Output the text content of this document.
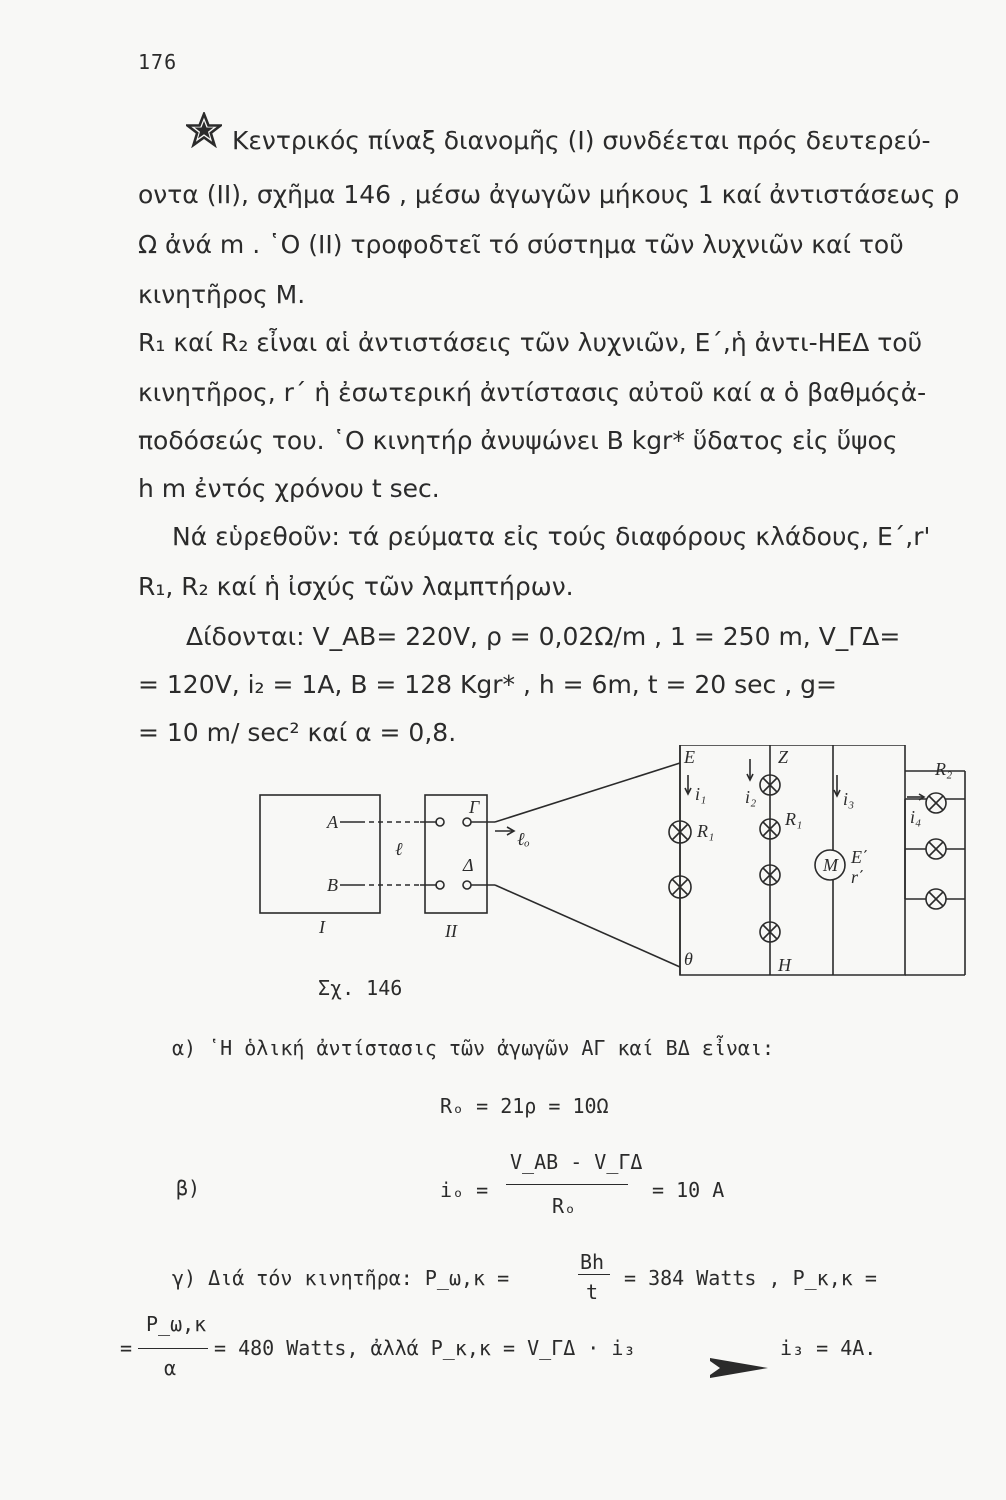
176
Κεντρικός πίναξ διανομῆς (Ι) συνδέεται πρός δευτερεύ-
οντα (ΙΙ), σχῆμα 146 , μέσω ἀγωγῶν μήκους 1 καί ἀντιστάσεως ρ
Ω ἀνά m . ῾Ο (ΙΙ) τροφοδτεῖ τό σύστημα τῶν λυχνιῶν καί τοῦ
κινητῆρος Μ.
R₁ καί R₂ εἶναι αἱ ἀντιστάσεις τῶν λυχνιῶν, Ε΄,ἡ ἀντι-ΗΕΔ τοῦ
κινητῆρος, r΄ ἡ ἐσωτερική ἀντίστασις αὐτοῦ καί α ὁ βαθμόςἀ-
ποδόσεώς του. ῾Ο κινητήρ ἀνυψώνει Β kgr* ὕδατος εἰς ὕψος
h m ἐντός χρόνου t sec.
Νά εὑρεθοῦν: τά ρεύματα εἰς τούς διαφόρους κλάδους, Ε΄,r'
R₁, R₂ καί ἡ ἰσχύς τῶν λαμπτήρων.
Δίδονται: V_AB= 220V, ρ = 0,02Ω/m , 1 = 250 m, V_ΓΔ=
= 120V, i₂ = 1A, B = 128 Kgr* , h = 6m, t = 20 sec , g=
= 10 m/ sec² καί α = 0,8.
A
B
I	II
ℓ
Γ
Δ
ℓₒ
E	Z
θ	H
i₁ i₂	i₃
i₄
R₁
R₁
R₂
M E΄
r΄
Σχ. 146
α) ῾Η ὁλική ἀντίστασις τῶν ἀγωγῶν ΑΓ καί ΒΔ εἶναι:
Rₒ = 21ρ = 10Ω
β)	iₒ =
V_AB - V_ΓΔ
Rₒ
= 10 A
γ) Διά τόν κινητῆρα: P_ω,κ =
Bh
t
= 384 Watts , P_κ,κ =
P_ω,κ
=
α
= 480 Watts, ἀλλά P_κ,κ = V_ΓΔ · i₃	i₃ = 4A.
